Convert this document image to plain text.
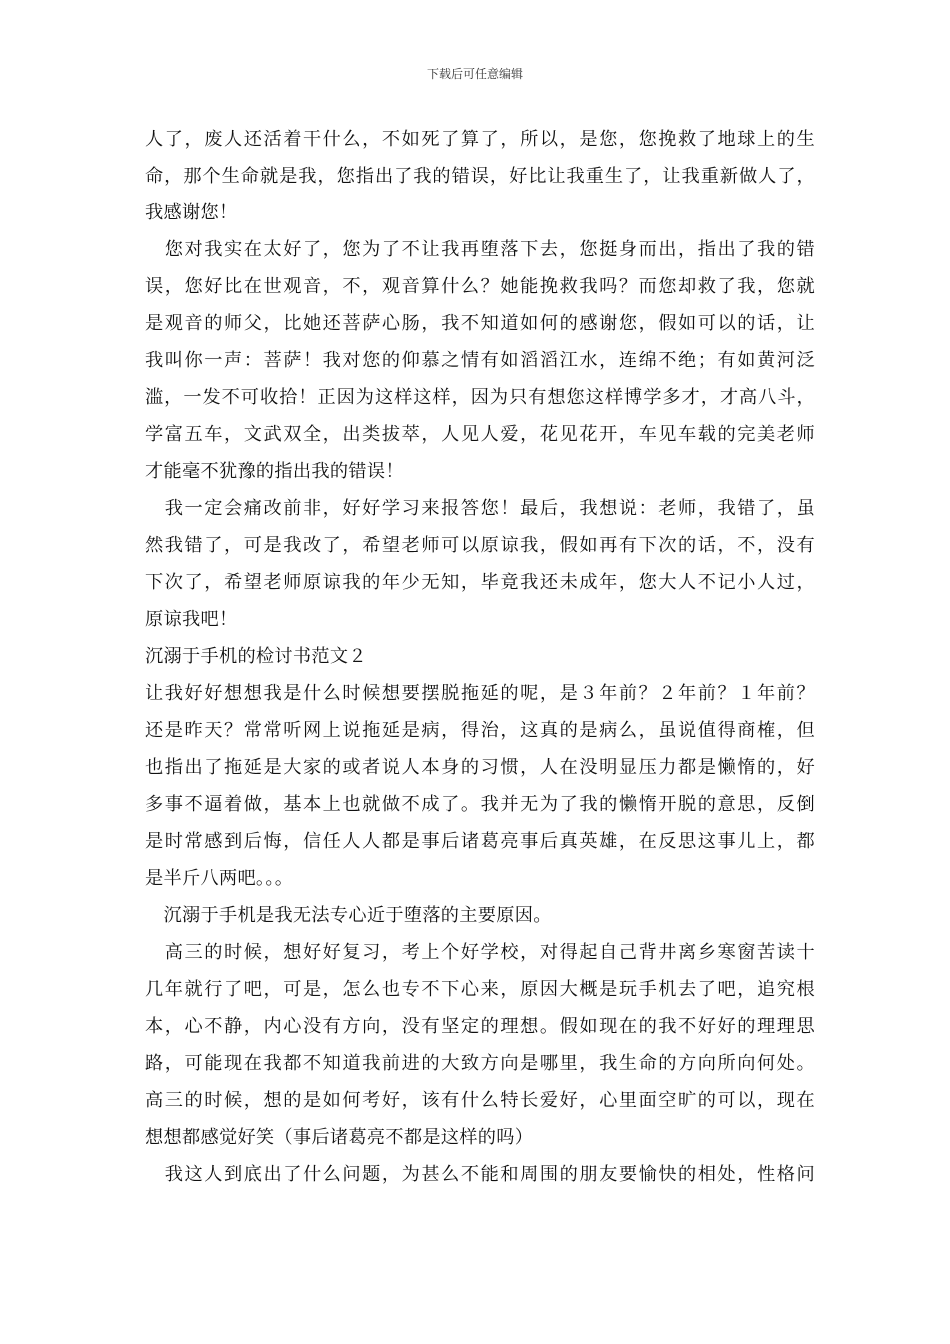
下载后可任意编辑
人了，废人还活着干什么，不如死了算了，所以，是您，您挽救了地球上的生
命，那个生命就是我，您指出了我的错误，好比让我重生了，让我重新做人了，
我感谢您！
　您对我实在太好了，您为了不让我再堕落下去，您挺身而出，指出了我的错
误，您好比在世观音，不，观音算什么？她能挽救我吗？而您却救了我，您就
是观音的师父，比她还菩萨心肠，我不知道如何的感谢您，假如可以的话，让
我叫你一声：菩萨！我对您的仰慕之情有如滔滔江水，连绵不绝；有如黄河泛
滥，一发不可收拾！正因为这样这样，因为只有想您这样博学多才，才高八斗，
学富五车，文武双全，出类拔萃，人见人爱，花见花开，车见车载的完美老师
才能毫不犹豫的指出我的错误！
　我一定会痛改前非，好好学习来报答您！最后，我想说：老师，我错了，虽
然我错了，可是我改了，希望老师可以原谅我，假如再有下次的话，不，没有
下次了，希望老师原谅我的年少无知，毕竟我还未成年，您大人不记小人过，
原谅我吧！
沉溺于手机的检讨书范文２
让我好好想想我是什么时候想要摆脱拖延的呢，是３年前？２年前？１年前？
还是昨天？常常听网上说拖延是病，得治，这真的是病么，虽说值得商榷，但
也指出了拖延是大家的或者说人本身的习惯，人在没明显压力都是懒惰的，好
多事不逼着做，基本上也就做不成了。我并无为了我的懒惰开脱的意思，反倒
是时常感到后悔，信任人人都是事后诸葛亮事后真英雄，在反思这事儿上，都
是半斤八两吧。。。
　沉溺于手机是我无法专心近于堕落的主要原因。
　高三的时候，想好好复习，考上个好学校，对得起自己背井离乡寒窗苦读十
几年就行了吧，可是，怎么也专不下心来，原因大概是玩手机去了吧，追究根
本，心不静，内心没有方向，没有坚定的理想。假如现在的我不好好的理理思
路，可能现在我都不知道我前进的大致方向是哪里，我生命的方向所向何处。
高三的时候，想的是如何考好，该有什么特长爱好，心里面空旷的可以，现在
想想都感觉好笑（事后诸葛亮不都是这样的吗）
　我这人到底出了什么问题，为甚么不能和周围的朋友要愉快的相处，性格问
